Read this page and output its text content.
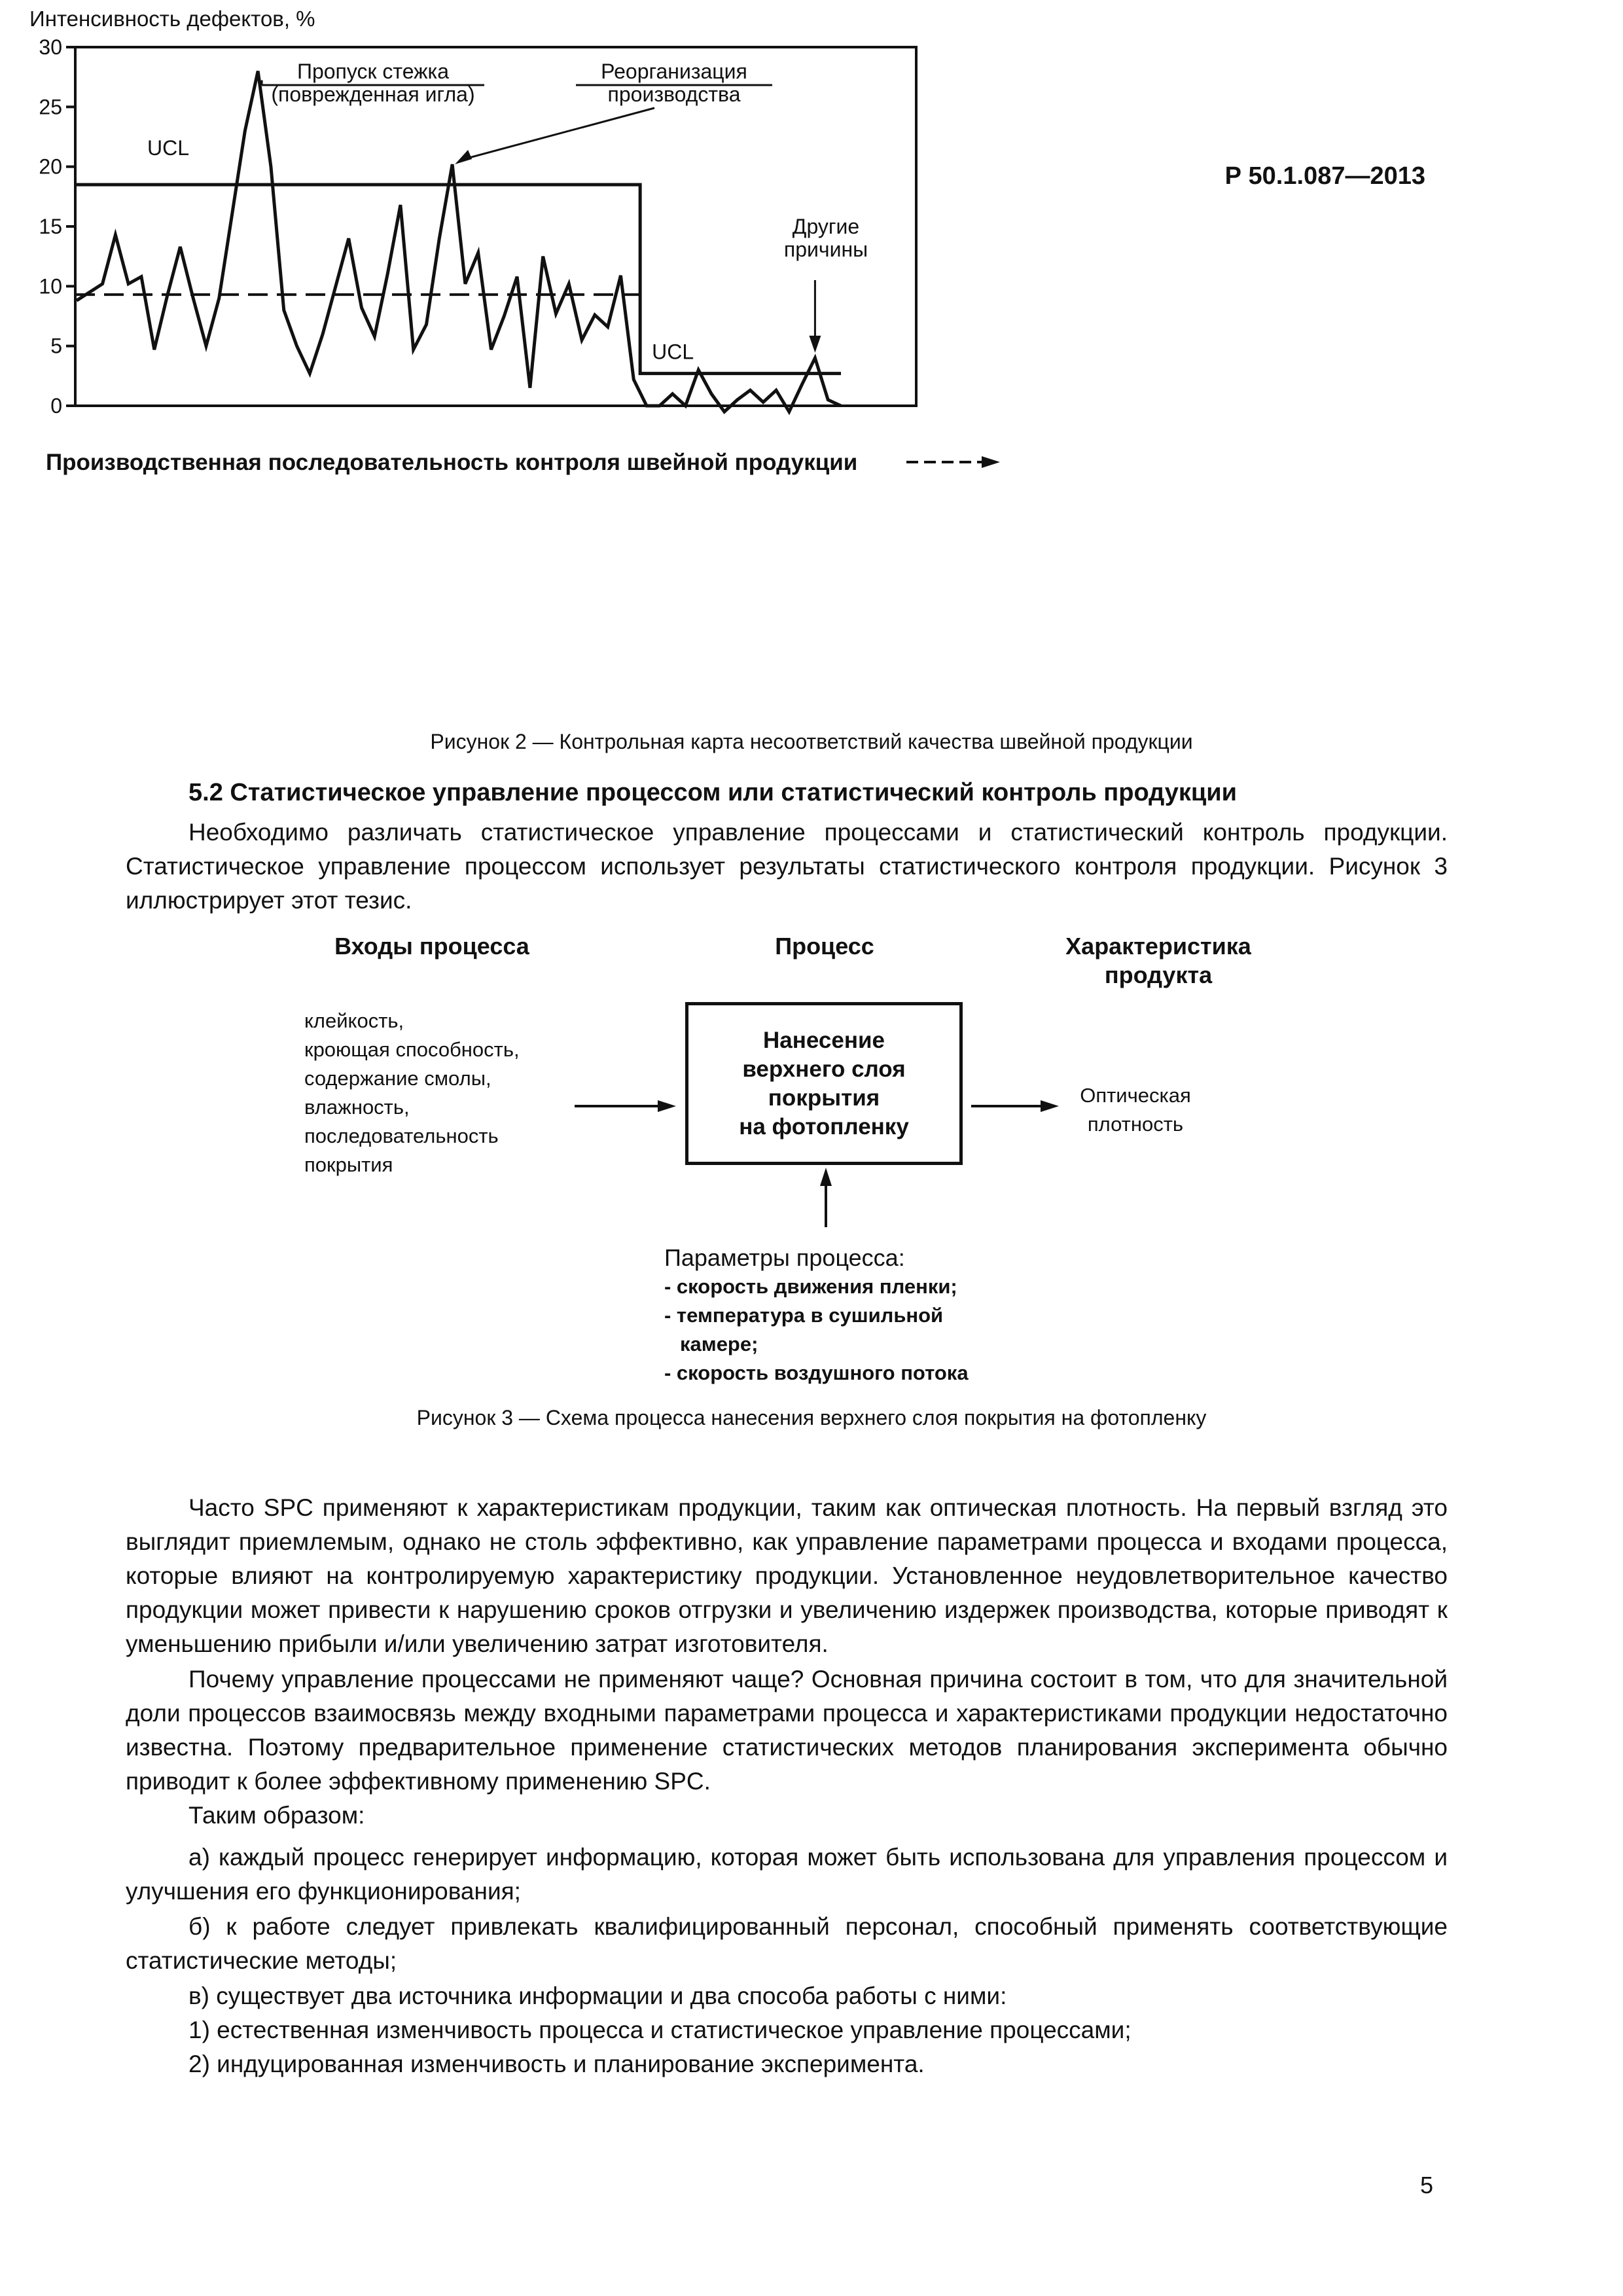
Р 50.1.087—2013
Интенсивность дефектов, %
0
5
10
15
20
25
30
UCL
UCL
Пропуск стежка
(поврежденная игла)
Реорганизация
производства
Другие
причины
Производственная последовательность контроля швейной продукции
Рисунок 2 — Контрольная карта несоответствий качества швейной продукции
5.2 Статистическое управление процессом или статистический контроль продукции
Необходимо различать статистическое управление процессами и статистический контроль продукции. Статистическое управление процессом использует результаты статистического контроля продукции. Рисунок 3 иллюстрирует этот тезис.
Входы процесса	Процесс	Характеристика
продукта
клейкость,
кроющая способность,
содержание смолы,
влажность,
последовательность
покрытия
Нанесение
верхнего слоя
покрытия
на фотопленку
Оптическая
плотность
Параметры процесса:
- скорость движения пленки;
- температура в сушильной
камере;
- скорость воздушного потока
Рисунок 3 — Схема процесса нанесения верхнего слоя покрытия на фотопленку
Часто SPC применяют к характеристикам продукции, таким как оптическая плотность. На первый взгляд это выглядит приемлемым, однако не столь эффективно, как управление параметрами процесса и входами процесса, которые влияют на контролируемую характеристику продукции. Установленное неудовлетворительное качество продукции может привести к нарушению сроков отгрузки и увеличению издержек производства, которые приводят к уменьшению прибыли и/или увеличению затрат изготовителя.
Почему управление процессами не применяют чаще? Основная причина состоит в том, что для значительной доли процессов взаимосвязь между входными параметрами процесса и характеристиками продукции недостаточно известна. Поэтому предварительное применение статистических методов планирования эксперимента обычно приводит к более эффективному применению SPC.
Таким образом:
а) каждый процесс генерирует информацию, которая может быть использована для управления процессом и улучшения его функционирования;
б) к работе следует привлекать квалифицированный персонал, способный применять соответствующие статистические методы;
в) существует два источника информации и два способа работы с ними:
1) естественная изменчивость процесса и статистическое управление процессами;
2) индуцированная изменчивость и планирование эксперимента.
5
